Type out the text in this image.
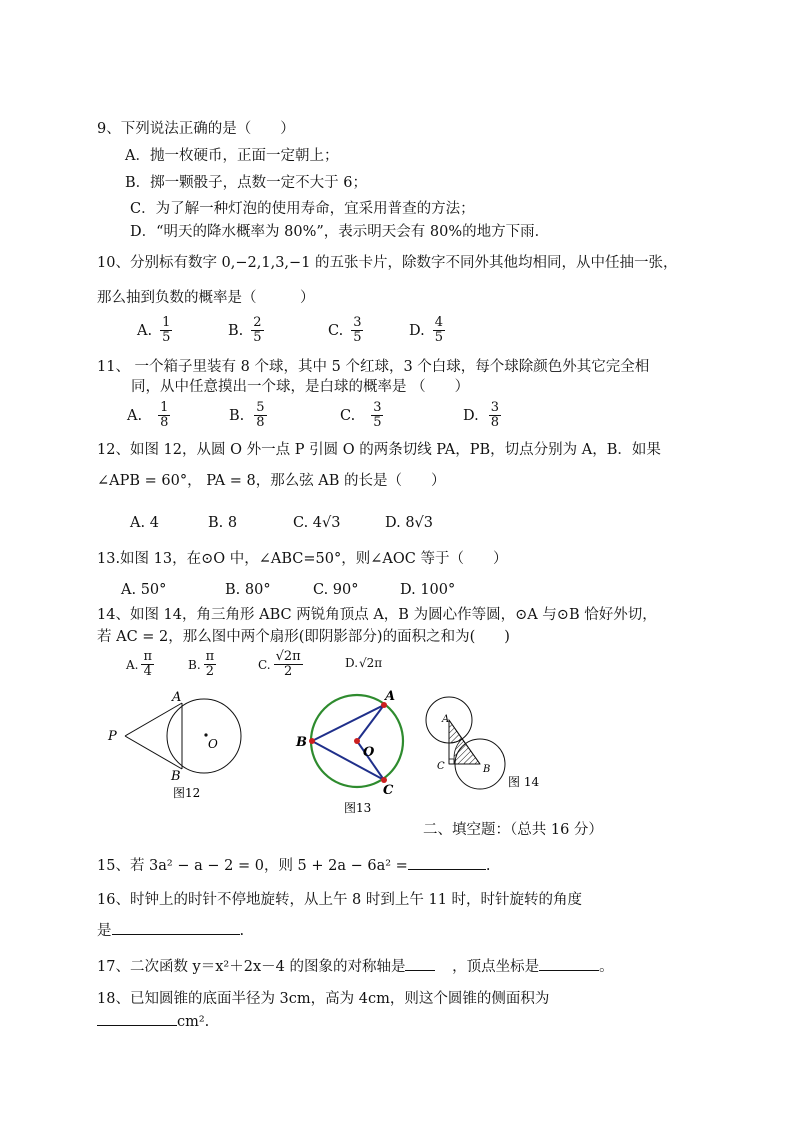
9、下列说法正确的是（　　）
A．抛一枚硬币，正面一定朝上；
B．掷一颗骰子，点数一定不大于 6；
C．为了解一种灯泡的使用寿命，宜采用普查的方法；
D．“明天的降水概率为 80%”，表示明天会有 80%的地方下雨．
10、分别标有数字 0,−2,1,3,−1 的五张卡片，除数字不同外其他均相同，从中任抽一张，
那么抽到负数的概率是（　　　）
A. $\frac{1}{5}$	B. $\frac{2}{5}$	C. $\frac{3}{5}$	D. $\frac{4}{5}$
11、 一个箱子里装有 8 个球，其中 5 个红球，3 个白球，每个球除颜色外其它完全相
同，从中任意摸出一个球，是白球的概率是 （　　）
A. $\frac{1}{8}$	B. $\frac{5}{8}$	C. $\frac{3}{5}$	D. $\frac{3}{8}$
12、如图 12，从圆 O 外一点 P 引圆 O 的两条切线 PA，PB，切点分别为 A，B．如果
∠APB = 60°， PA = 8，那么弦 AB 的长是（　　）
A. 4	B. 8	C. 4√3	D. 8√3
13.如图 13，在⊙O 中，∠ABC=50°，则∠AOC 等于（　　）
A. 50°	B. 80°	C. 90°	D. 100°
14、如图 14，角三角形 ABC 两锐角顶点 A，B 为圆心作等圆，⊙A 与⊙B 恰好外切，
若 AC = 2，那么图中两个扇形(即阴影部分)的面积之和为(　　)
A. $\frac{\pi}{4}$	B. $\frac{\pi}{2}$	C. $\frac{√2\pi}{2}$	D. √2π
P
A
B
O
图12
A
B
C
O
图13
A
C	B
图 14
二、填空题：（总共 16 分）
15、若 3a² − a − 2 = 0，则 5 + 2a − 6a² =	.
16、时钟上的时针不停地旋转，从上午 8 时到上午 11 时，时针旋转的角度
是	.
17、二次函数 y＝x²＋2x－4 的图象的对称轴是	，顶点坐标是	。
18、已知圆锥的底面半径为 3cm，高为 4cm，则这个圆锥的侧面积为
cm².
